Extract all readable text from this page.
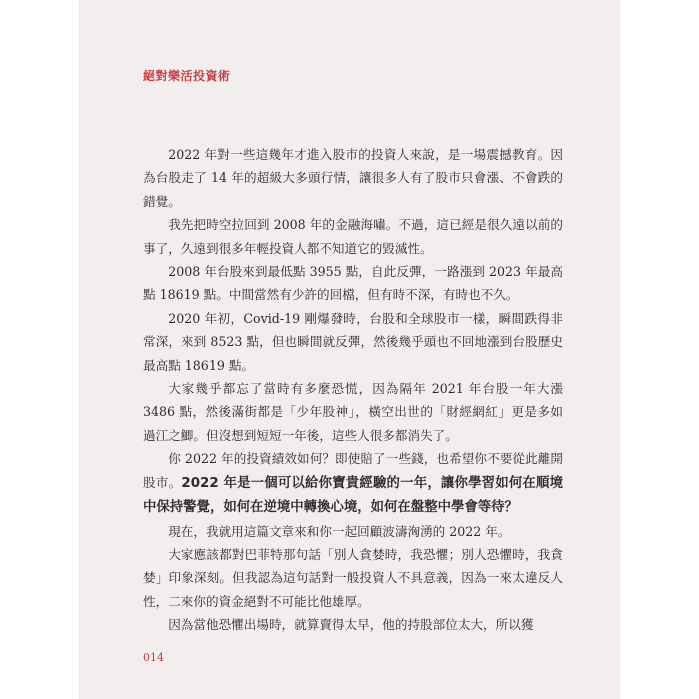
絕對樂活投資術

2022 年對一些這幾年才進入股市的投資人來說，是一場震撼教育。因為台股走了 14 年的超級大多頭行情，讓很多人有了股市只會漲、不會跌的錯覺。

我先把時空拉回到 2008 年的金融海嘯。不過，這已經是很久遠以前的事了，久遠到很多年輕投資人都不知道它的毀滅性。

2008 年台股來到最低點 3955 點，自此反彈，一路漲到 2023 年最高點 18619 點。中間當然有少許的回檔，但有時不深，有時也不久。

2020 年初，Covid-19 剛爆發時，台股和全球股市一樣，瞬間跌得非常深，來到 8523 點，但也瞬間就反彈，然後幾乎頭也不回地漲到台股歷史最高點 18619 點。

大家幾乎都忘了當時有多麼恐慌，因為隔年 2021 年台股一年大漲 3486 點，然後滿街都是「少年股神」，橫空出世的「財經網紅」更是多如過江之鯽。但沒想到短短一年後，這些人很多都消失了。

你 2022 年的投資績效如何？即使賠了一些錢，也希望你不要從此離開股市。2022 年是一個可以給你寶貴經驗的一年，讓你學習如何在順境中保持警覺，如何在逆境中轉換心境，如何在盤整中學會等待？

現在，我就用這篇文章來和你一起回顧波濤洶湧的 2022 年。

大家應該都對巴菲特那句話「別人貪婪時，我恐懼；別人恐懼時，我貪婪」印象深刻。但我認為這句話對一般投資人不具意義，因為一來太違反人性，二來你的資金絕對不可能比他雄厚。

因為當他恐懼出場時，就算賣得太早，他的持股部位太大，所以獲

014
